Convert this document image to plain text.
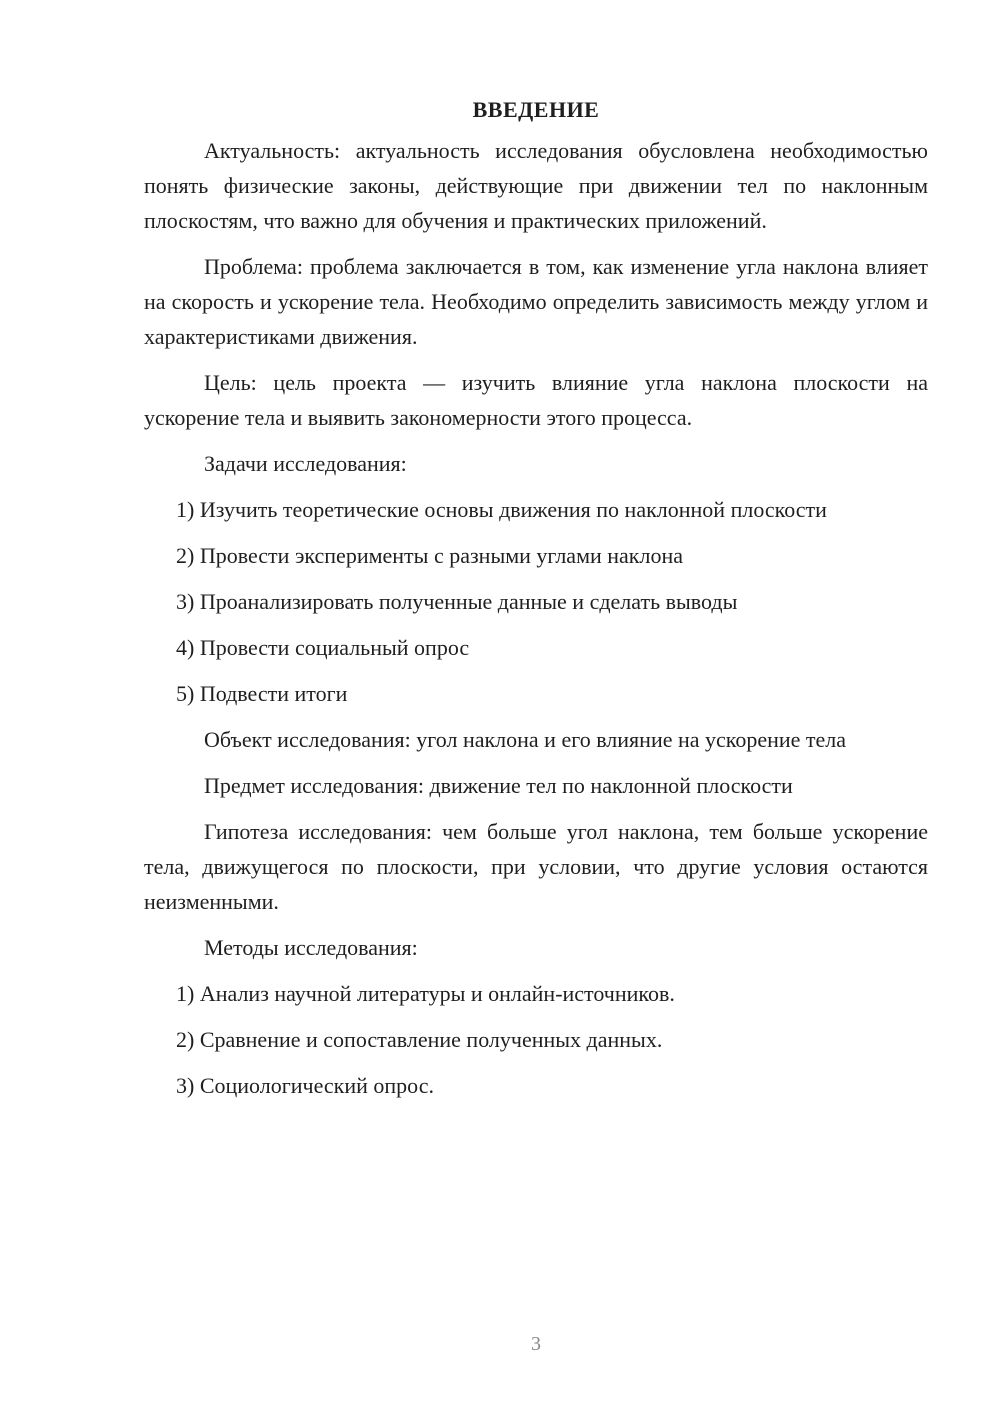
ВВЕДЕНИЕ

Актуальность: актуальность исследования обусловлена необходимостью понять физические законы, действующие при движении тел по наклонным плоскостям, что важно для обучения и практических приложений.

Проблема: проблема заключается в том, как изменение угла наклона влияет на скорость и ускорение тела. Необходимо определить зависимость между углом и характеристиками движения.

Цель: цель проекта — изучить влияние угла наклона плоскости на ускорение тела и выявить закономерности этого процесса.

Задачи исследования:

1) Изучить теоретические основы движения по наклонной плоскости
2) Провести эксперименты с разными углами наклона
3) Проанализировать полученные данные и сделать выводы
4) Провести социальный опрос
5) Подвести итоги

Объект исследования: угол наклона и его влияние на ускорение тела

Предмет исследования: движение тел по наклонной плоскости

Гипотеза исследования: чем больше угол наклона, тем больше ускорение тела, движущегося по плоскости, при условии, что другие условия остаются неизменными.

Методы исследования:

1) Анализ научной литературы и онлайн-источников.
2) Сравнение и сопоставление полученных данных.
3) Социологический опрос.
3
